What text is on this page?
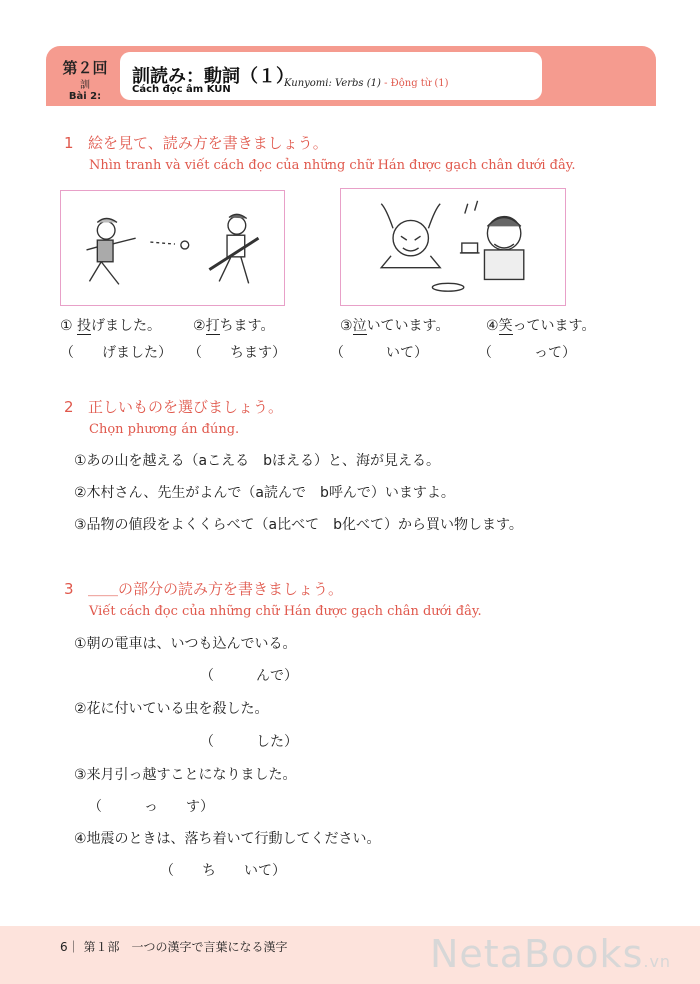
第２回
訓
Bài 2:
訓読み：動詞（１）
Cách đọc âm KUN
Kunyomi: Verbs (1) - Động từ (1)
1 絵を見て、読み方を書きましょう。
Nhìn tranh và viết cách đọc của những chữ Hán được gạch chân dưới đây.
① 投げました。 ②打ちます。	③泣いています。	④笑っています。
（　　げました） （　　ちます）	（　　　いて）	（　　　って）
2 正しいものを選びましょう。
Chọn phương án đúng.
①あの山を越える（aこえる　bほえる）と、海が見える。
②木村さん、先生がよんで（a読んで　b呼んで）いますよ。
③品物の値段をよくくらべて（a比べて　b化べて）から買い物します。
3 ＿＿の部分の読み方を書きましょう。
Viết cách đọc của những chữ Hán được gạch chân dưới đây.
①朝の電車は、いつも込んでいる。
（　　　んで）
②花に付いている虫を殺した。
（　　　した）
③来月引っ越すことになりました。
（　　　っ　　す）
④地震のときは、落ち着いて行動してください。
（　　ち　　いて）
6｜ 第１部　一つの漢字で言葉になる漢字	NetaBooks.vn
